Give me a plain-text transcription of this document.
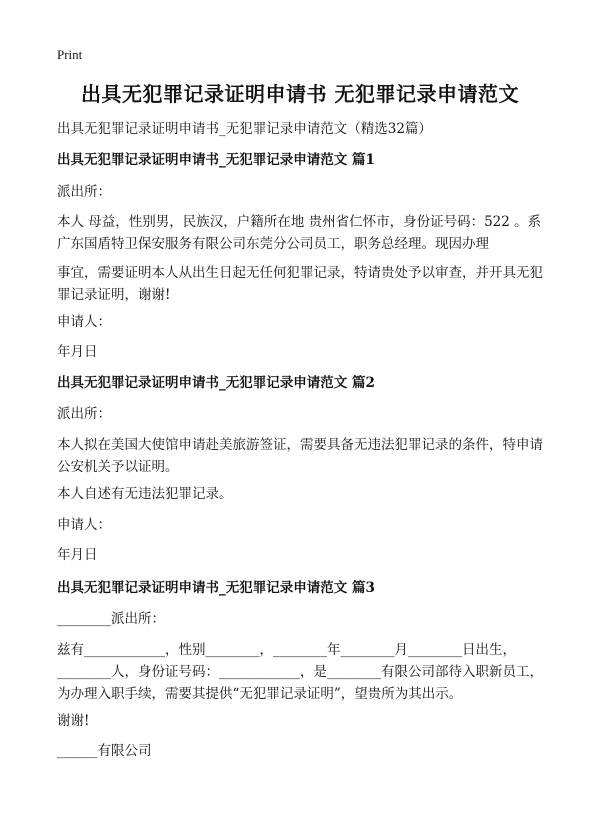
Print
出具无犯罪记录证明申请书 无犯罪记录申请范文
出具无犯罪记录证明申请书_无犯罪记录申请范文（精选32篇）
出具无犯罪记录证明申请书_无犯罪记录申请范文 篇1
派出所：
本人 母益，性别男，民族汉，户籍所在地 贵州省仁怀市，身份证号码：522 。系广东国盾特卫保安服务有限公司东莞分公司员工，职务总经理。现因办理
事宜，需要证明本人从出生日起无任何犯罪记录，特请贵处予以审查，并开具无犯罪记录证明，谢谢!
申请人：
年月日
出具无犯罪记录证明申请书_无犯罪记录申请范文 篇2
派出所：
本人拟在美国大使馆申请赴美旅游签证，需要具备无违法犯罪记录的条件，特申请公安机关予以证明。
本人自述有无违法犯罪记录。
申请人：
年月日
出具无犯罪记录证明申请书_无犯罪记录申请范文 篇3
________派出所：
兹有____________，性别________，________年________月________日出生，________人，身份证号码：____________，是________有限公司部待入职新员工，为办理入职手续，需要其提供“无犯罪记录证明”，望贵所为其出示。
谢谢!
______有限公司
